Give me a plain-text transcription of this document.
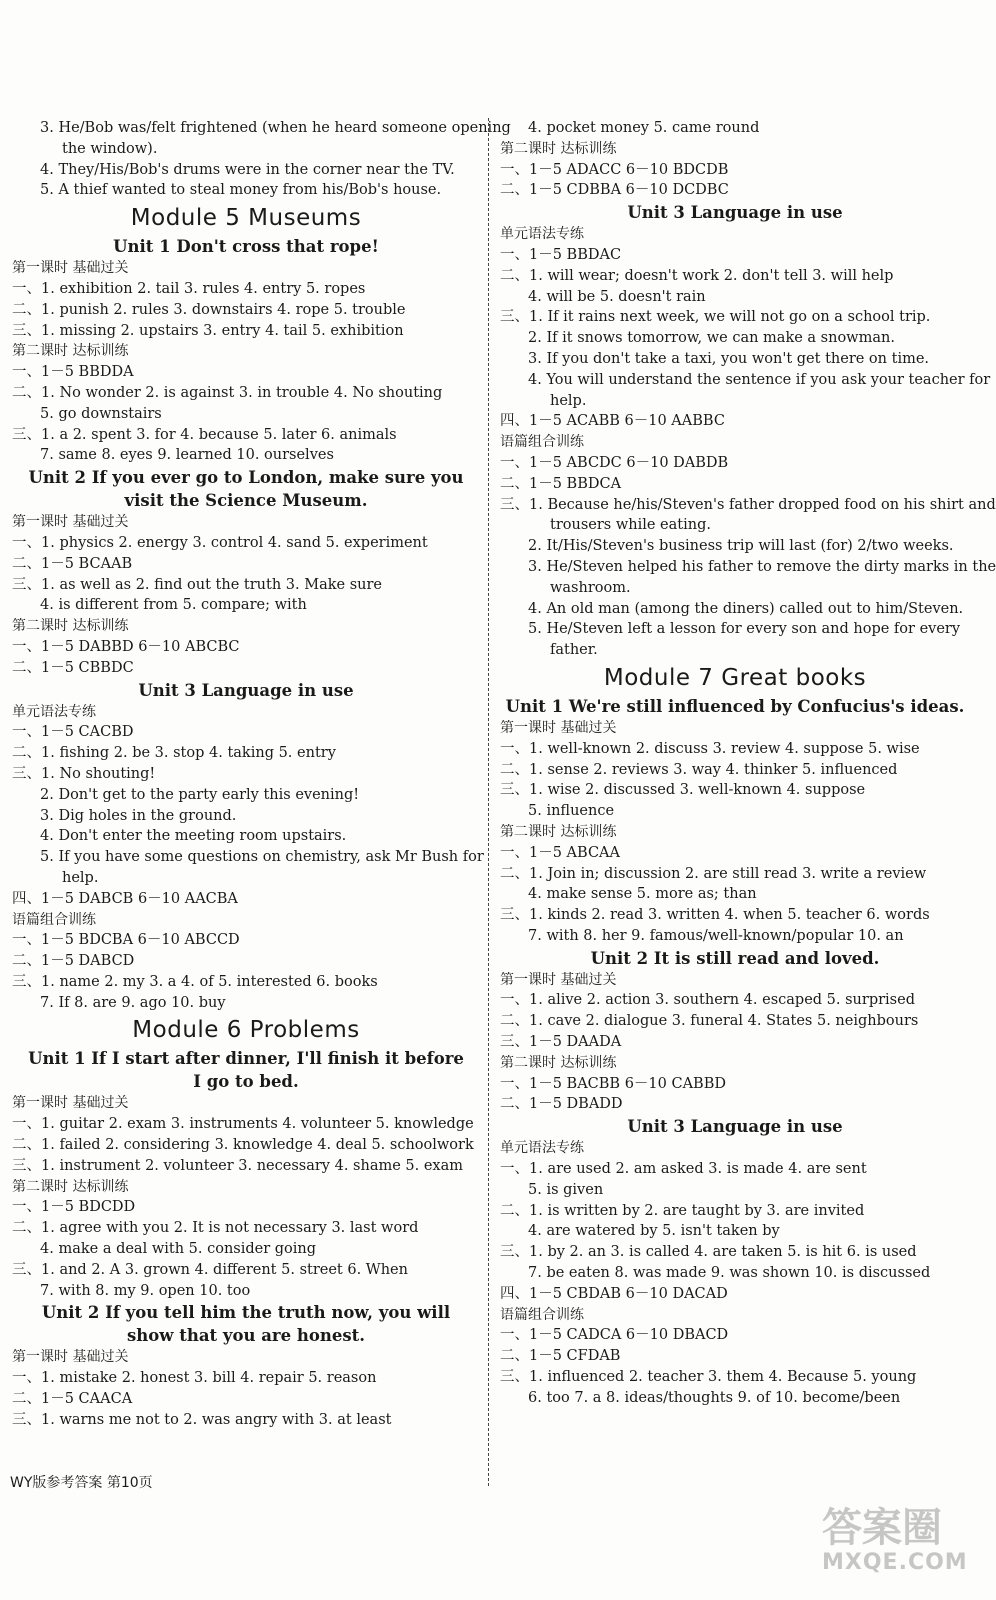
3. He/Bob was/felt frightened (when he heard someone opening
the window).
4. They/His/Bob's drums were in the corner near the TV.
5. A thief wanted to steal money from his/Bob's house.
Module 5 Museums
Unit 1 Don't cross that rope!
第一课时 基础过关
一、1. exhibition 2. tail 3. rules 4. entry 5. ropes
二、1. punish 2. rules 3. downstairs 4. rope 5. trouble
三、1. missing 2. upstairs 3. entry 4. tail 5. exhibition
第二课时 达标训练
一、1－5 BBDDA
二、1. No wonder 2. is against 3. in trouble 4. No shouting
5. go downstairs
三、1. a 2. spent 3. for 4. because 5. later 6. animals
7. same 8. eyes 9. learned 10. ourselves
Unit 2 If you ever go to London, make sure you
visit the Science Museum.
第一课时 基础过关
一、1. physics 2. energy 3. control 4. sand 5. experiment
二、1－5 BCAAB
三、1. as well as 2. find out the truth 3. Make sure
4. is different from 5. compare; with
第二课时 达标训练
一、1－5 DABBD 6－10 ABCBC
二、1－5 CBBDC
Unit 3 Language in use
单元语法专练
一、1－5 CACBD
二、1. fishing 2. be 3. stop 4. taking 5. entry
三、1. No shouting!
2. Don't get to the party early this evening!
3. Dig holes in the ground.
4. Don't enter the meeting room upstairs.
5. If you have some questions on chemistry, ask Mr Bush for
help.
四、1－5 DABCB 6－10 AACBA
语篇组合训练
一、1－5 BDCBA 6－10 ABCCD
二、1－5 DABCD
三、1. name 2. my 3. a 4. of 5. interested 6. books
7. If 8. are 9. ago 10. buy
Module 6 Problems
Unit 1 If I start after dinner, I'll finish it before
I go to bed.
第一课时 基础过关
一、1. guitar 2. exam 3. instruments 4. volunteer 5. knowledge
二、1. failed 2. considering 3. knowledge 4. deal 5. schoolwork
三、1. instrument 2. volunteer 3. necessary 4. shame 5. exam
第二课时 达标训练
一、1－5 BDCDD
二、1. agree with you 2. It is not necessary 3. last word
4. make a deal with 5. consider going
三、1. and 2. A 3. grown 4. different 5. street 6. When
7. with 8. my 9. open 10. too
Unit 2 If you tell him the truth now, you will
show that you are honest.
第一课时 基础过关
一、1. mistake 2. honest 3. bill 4. repair 5. reason
二、1－5 CAACA
三、1. warns me not to 2. was angry with 3. at least
4. pocket money 5. came round
第二课时 达标训练
一、1－5 ADACC 6－10 BDCDB
二、1－5 CDBBA 6－10 DCDBC
Unit 3 Language in use
单元语法专练
一、1－5 BBDAC
二、1. will wear; doesn't work 2. don't tell 3. will help
4. will be 5. doesn't rain
三、1. If it rains next week, we will not go on a school trip.
2. If it snows tomorrow, we can make a snowman.
3. If you don't take a taxi, you won't get there on time.
4. You will understand the sentence if you ask your teacher for
help.
四、1－5 ACABB 6－10 AABBC
语篇组合训练
一、1－5 ABCDC 6－10 DABDB
二、1－5 BBDCA
三、1. Because he/his/Steven's father dropped food on his shirt and
trousers while eating.
2. It/His/Steven's business trip will last (for) 2/two weeks.
3. He/Steven helped his father to remove the dirty marks in the
washroom.
4. An old man (among the diners) called out to him/Steven.
5. He/Steven left a lesson for every son and hope for every
father.
Module 7 Great books
Unit 1 We're still influenced by Confucius's ideas.
第一课时 基础过关
一、1. well-known 2. discuss 3. review 4. suppose 5. wise
二、1. sense 2. reviews 3. way 4. thinker 5. influenced
三、1. wise 2. discussed 3. well-known 4. suppose
5. influence
第二课时 达标训练
一、1－5 ABCAA
二、1. Join in; discussion 2. are still read 3. write a review
4. make sense 5. more as; than
三、1. kinds 2. read 3. written 4. when 5. teacher 6. words
7. with 8. her 9. famous/well-known/popular 10. an
Unit 2 It is still read and loved.
第一课时 基础过关
一、1. alive 2. action 3. southern 4. escaped 5. surprised
二、1. cave 2. dialogue 3. funeral 4. States 5. neighbours
三、1－5 DAADA
第二课时 达标训练
一、1－5 BACBB 6－10 CABBD
二、1－5 DBADD
Unit 3 Language in use
单元语法专练
一、1. are used 2. am asked 3. is made 4. are sent
5. is given
二、1. is written by 2. are taught by 3. are invited
4. are watered by 5. isn't taken by
三、1. by 2. an 3. is called 4. are taken 5. is hit 6. is used
7. be eaten 8. was made 9. was shown 10. is discussed
四、1－5 CBDAB 6－10 DACAD
语篇组合训练
一、1－5 CADCA 6－10 DBACD
二、1－5 CFDAB
三、1. influenced 2. teacher 3. them 4. Because 5. young
6. too 7. a 8. ideas/thoughts 9. of 10. become/been
WY版参考答案 第10页
答案圈
MXQE.COM
